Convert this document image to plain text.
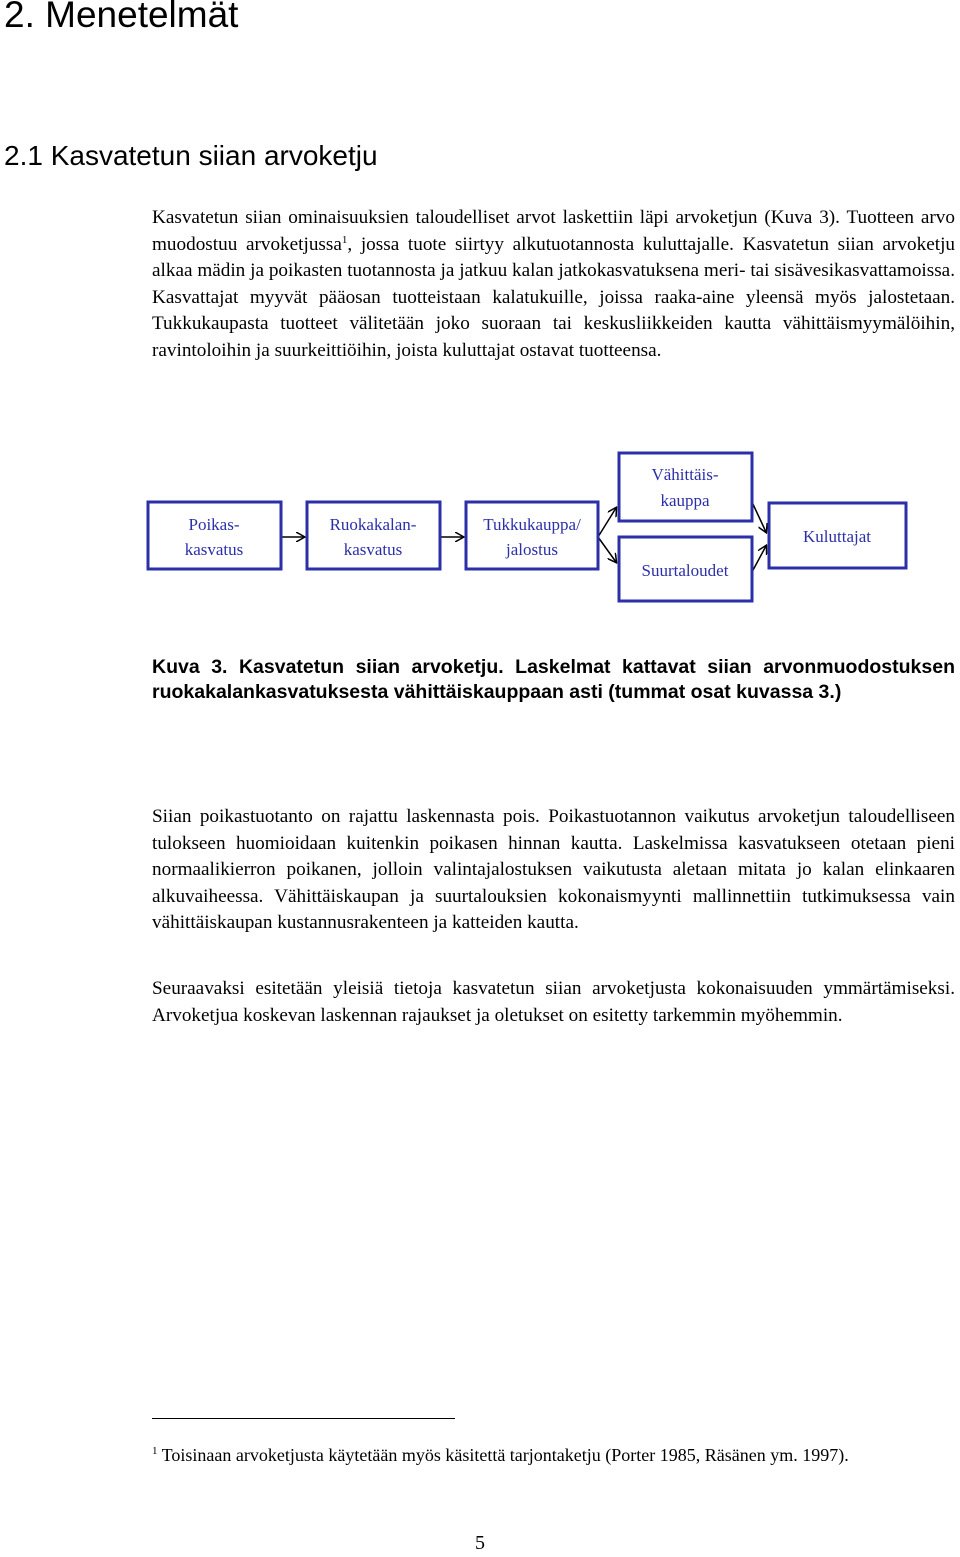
2. Menetelmät
2.1 Kasvatetun siian arvoketju

Kasvatetun siian ominaisuuksien taloudelliset arvot laskettiin läpi arvoketjun (Kuva 3). Tuotteen arvo muodostuu arvoketjussa$^1$, jossa tuote siirtyy alkutuotannosta kuluttajalle. Kasvatetun siian arvoketju alkaa mädin ja poikasten tuotannosta ja jatkuu kalan jatkokasvatuksena meri- tai sisävesikasvattamoissa. Kasvattajat myyvät pääosan tuotteistaan kalatukuille, joissa raaka-aine yleensä myös jalostetaan. Tukkukaupasta tuotteet välitetään joko suoraan tai keskusliikkeiden kautta vähittäismyymälöihin, ravintoloihin ja suurkeittiöihin, joista kuluttajat ostavat tuotteensa.

Poikas-
kasvatus
Ruokakalan-
kasvatus
Tukkukauppa/
jalostus
Vähittäis-
kauppa
Suurtaloudet
Kuluttajat

Kuva 3. Kasvatetun siian arvoketju. Laskelmat kattavat siian arvonmuodostuksen ruokakalankasvatuksesta vähittäiskauppaan asti (tummat osat kuvassa 3.)

Siian poikastuotanto on rajattu laskennasta pois. Poikastuotannon vaikutus arvoketjun taloudelliseen tulokseen huomioidaan kuitenkin poikasen hinnan kautta. Laskelmissa kasvatukseen otetaan pieni normaalikierron poikanen, jolloin valintajalostuksen vaikutusta aletaan mitata jo kalan elinkaaren alkuvaiheessa. Vähittäiskaupan ja suurtalouksien kokonaismyynti mallinnettiin tutkimuksessa vain vähittäiskaupan kustannusrakenteen ja katteiden kautta.

Seuraavaksi esitetään yleisiä tietoja kasvatetun siian arvoketjusta kokonaisuuden ymmärtämiseksi. Arvoketjua koskevan laskennan rajaukset ja oletukset on esitetty tarkemmin myöhemmin.

$^1$ Toisinaan arvoketjusta käytetään myös käsitettä tarjontaketju (Porter 1985, Räsänen ym. 1997).

5
